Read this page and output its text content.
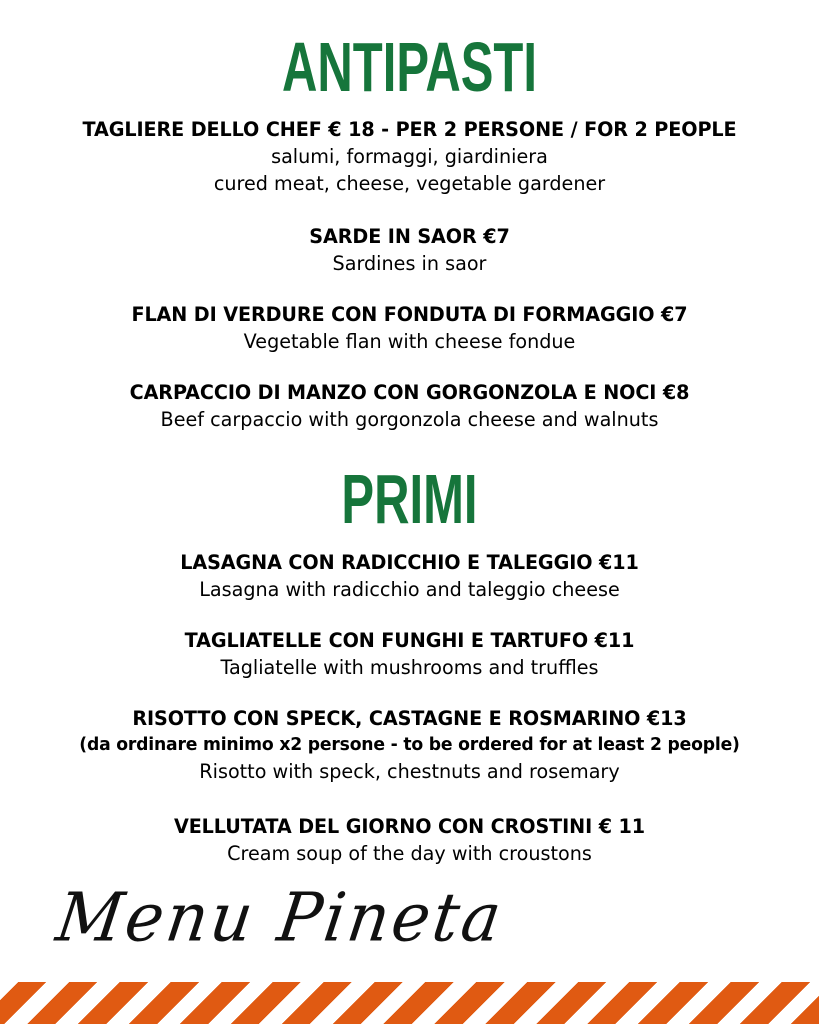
ANTIPASTI
TAGLIERE DELLO CHEF € 18 - PER 2 PERSONE / FOR 2 PEOPLE
salumi, formaggi, giardiniera
cured meat, cheese, vegetable gardener
SARDE IN SAOR €7
Sardines in saor
FLAN DI VERDURE CON FONDUTA DI FORMAGGIO €7
Vegetable flan with cheese fondue
CARPACCIO DI MANZO CON GORGONZOLA E NOCI €8
Beef carpaccio with gorgonzola cheese and walnuts
PRIMI
LASAGNA CON RADICCHIO E TALEGGIO €11
Lasagna with radicchio and taleggio cheese
TAGLIATELLE CON FUNGHI E TARTUFO €11
Tagliatelle with mushrooms and truffles
RISOTTO CON SPECK, CASTAGNE E ROSMARINO €13
(da ordinare minimo x2 persone - to be ordered for at least 2 people)
Risotto with speck, chestnuts and rosemary
VELLUTATA DEL GIORNO CON CROSTINI € 11
Cream soup of the day with croustons
Menu Pineta
